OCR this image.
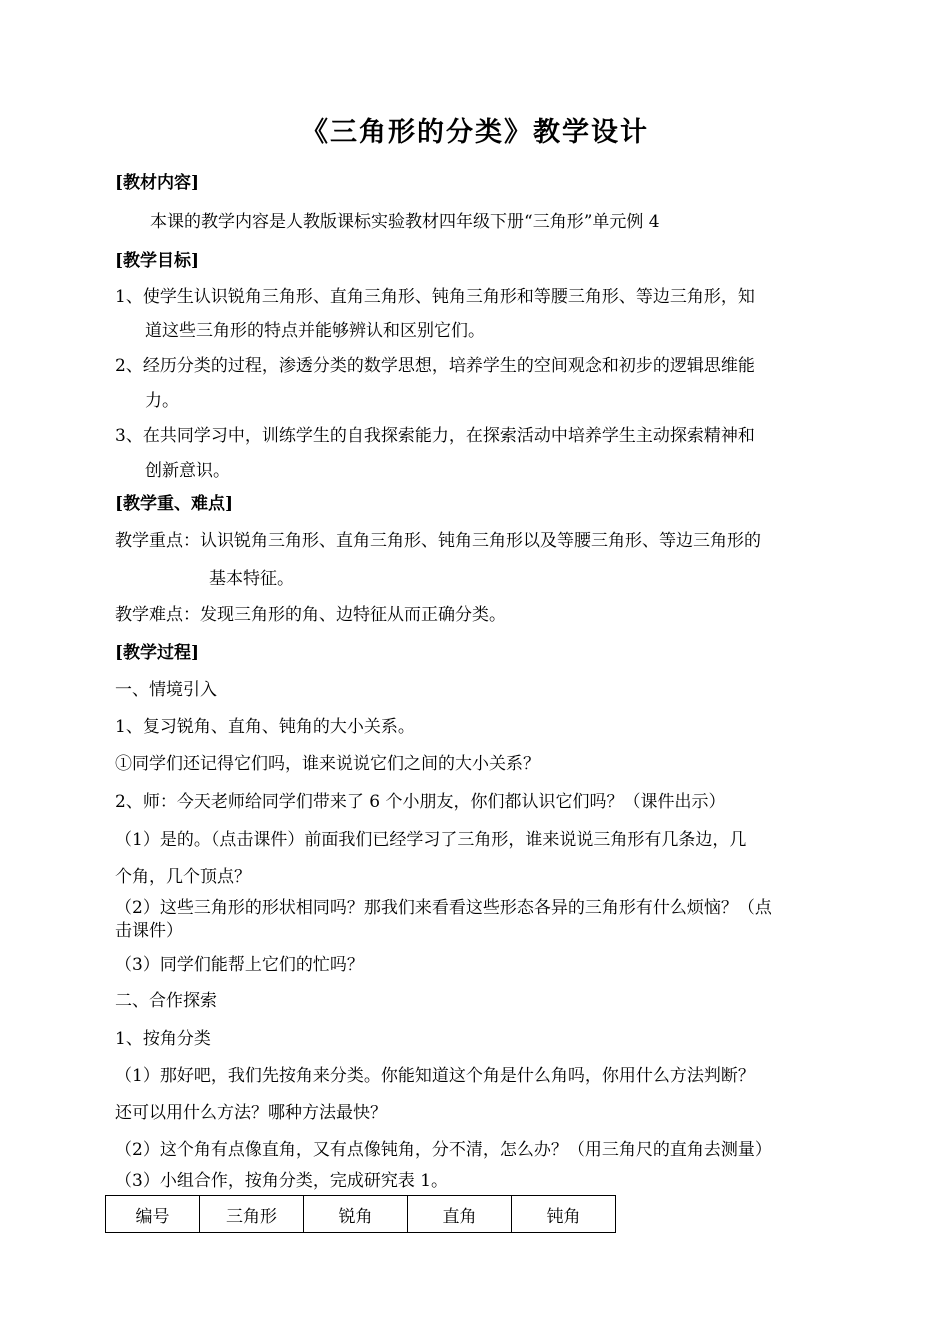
《三角形的分类》教学设计
[教材内容]
本课的教学内容是人教版课标实验教材四年级下册“三角形”单元例 4
[教学目标]
1、使学生认识锐角三角形、直角三角形、钝角三角形和等腰三角形、等边三角形，知
道这些三角形的特点并能够辨认和区别它们。
2、经历分类的过程，渗透分类的数学思想，培养学生的空间观念和初步的逻辑思维能
力。
3、在共同学习中，训练学生的自我探索能力，在探索活动中培养学生主动探索精神和
创新意识。
[教学重、难点]
教学重点：认识锐角三角形、直角三角形、钝角三角形以及等腰三角形、等边三角形的
基本特征。
教学难点：发现三角形的角、边特征从而正确分类。
[教学过程]
一、情境引入
1、复习锐角、直角、钝角的大小关系。
①同学们还记得它们吗，谁来说说它们之间的大小关系？
2、师：今天老师给同学们带来了 6 个小朋友，你们都认识它们吗？（课件出示）
（1）是的。（点击课件）前面我们已经学习了三角形，谁来说说三角形有几条边，几
个角，几个顶点？
（2）这些三角形的形状相同吗？那我们来看看这些形态各异的三角形有什么烦恼？（点
击课件）
（3）同学们能帮上它们的忙吗？
二、合作探索
1、按角分类
（1）那好吧，我们先按角来分类。你能知道这个角是什么角吗，你用什么方法判断？
还可以用什么方法？哪种方法最快？
（2）这个角有点像直角，又有点像钝角，分不清，怎么办？（用三角尺的直角去测量）
（3）小组合作，按角分类，完成研究表 1。
编号	三角形	锐角	直角	钝角
